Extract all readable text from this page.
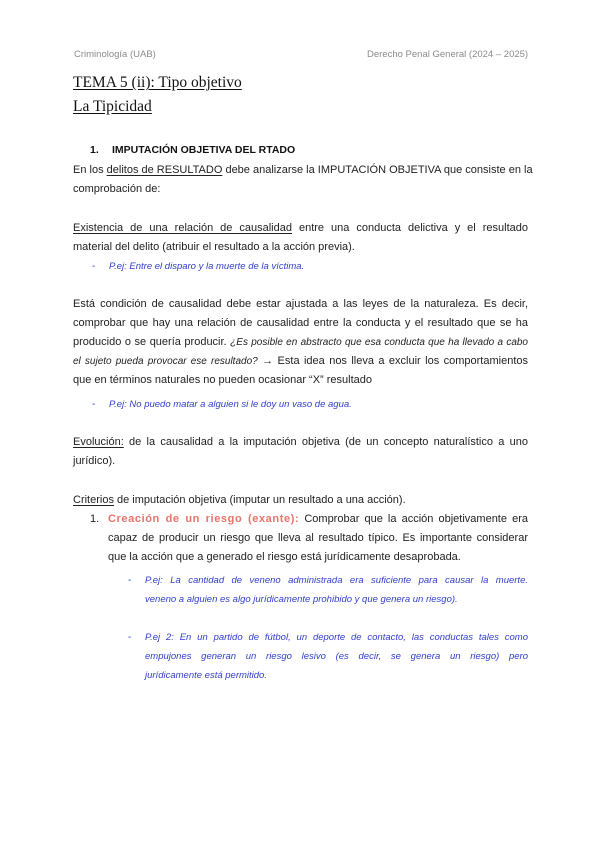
Criminología (UAB)	Derecho Penal General (2024 – 2025)
TEMA 5 (ii): Tipo objetivo
La Tipicidad
1. IMPUTACIÓN OBJETIVA DEL RTADO
En los delitos de RESULTADO debe analizarse la IMPUTACIÓN OBJETIVA que consiste en la
comprobación de:
Existencia de una relación de causalidad entre una conducta delictiva y el resultado
material del delito (atribuir el resultado a la acción previa).
- P.ej: Entre el disparo y la muerte de la víctima.
Está condición de causalidad debe estar ajustada a las leyes de la naturaleza. Es decir,
comprobar que hay una relación de causalidad entre la conducta y el resultado que se ha
producido o se quería producir. ¿Es posible en abstracto que esa conducta que ha llevado a cabo
el sujeto pueda provocar ese resultado? → Esta idea nos lleva a excluir los comportamientos
que en términos naturales no pueden ocasionar “X” resultado
- P.ej: No puedo matar a alguien si le doy un vaso de agua.
Evolución: de la causalidad a la imputación objetiva (de un concepto naturalístico a uno
jurídico).
Criterios de imputación objetiva (imputar un resultado a una acción).
1. Creación de un riesgo (exante): Comprobar que la acción objetivamente era
capaz de producir un riesgo que lleva al resultado típico. Es importante considerar
que la acción que a generado el riesgo está jurídicamente desaprobada.
- P.ej: La cantidad de veneno administrada era suficiente para causar la muerte.
veneno a alguien es algo jurídicamente prohibido y que genera un riesgo).
- P.ej 2: En un partido de fútbol, un deporte de contacto, las conductas tales como
empujones generan un riesgo lesivo (es decir, se genera un riesgo) pero
jurídicamente está permitido.
